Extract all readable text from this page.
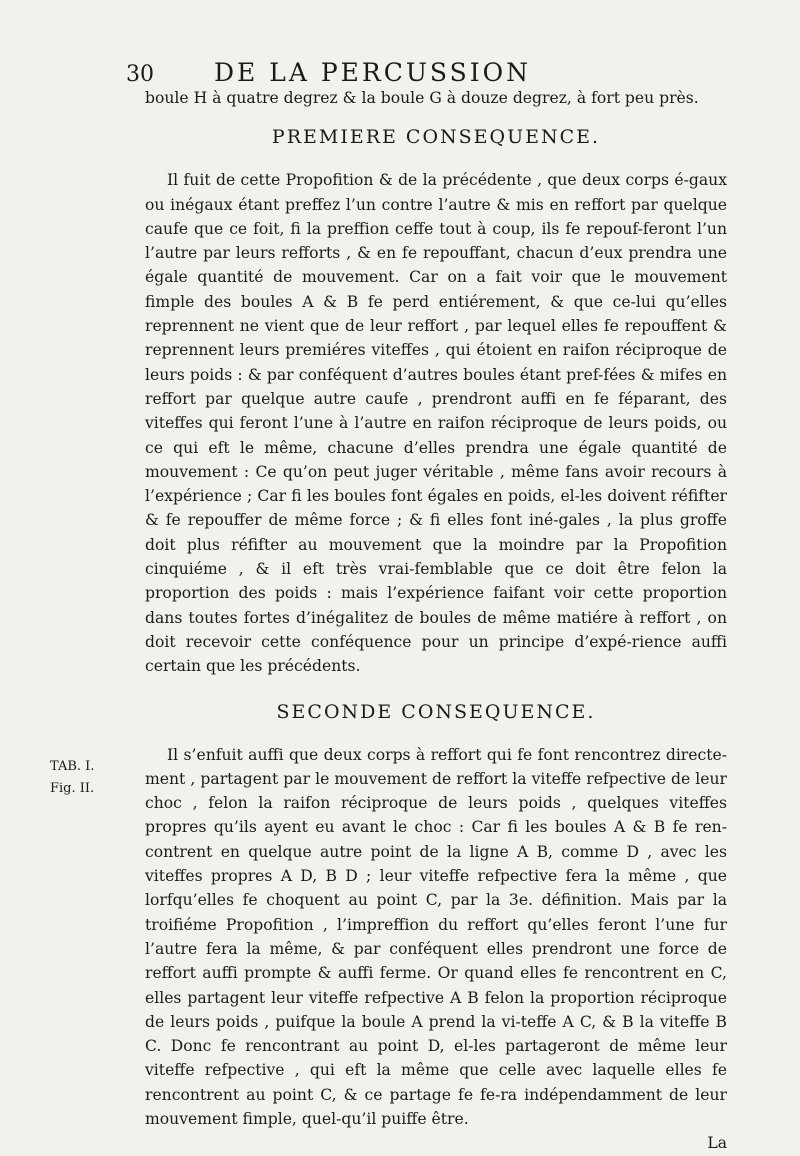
30 DE LA PERCUSSION

boule H à quatre degrez & la boule G à douze degrez, à fort peu près.

PREMIERE CONSEQUENCE.

Il fuit de cette Propofition & de la précédente , que deux corps é-gaux ou inégaux étant preffez l’un contre l’autre & mis en reffort par quelque caufe que ce foit, fi la preffion ceffe tout à coup, ils fe repouf-feront l’un l’autre par leurs refforts , & en fe repouffant, chacun d’eux prendra une égale quantité de mouvement. Car on a fait voir que le mouvement fimple des boules A & B fe perd entiérement, & que ce-lui qu’elles reprennent ne vient que de leur reffort , par lequel elles fe repouffent & reprennent leurs premiéres viteffes , qui étoient en raifon réciproque de leurs poids : & par conféquent d’autres boules étant pref-fées & mifes en reffort par quelque autre caufe , prendront auffi en fe féparant, des viteffes qui feront l’une à l’autre en raifon réciproque de leurs poids, ou ce qui eft le même, chacune d’elles prendra une égale quantité de mouvement : Ce qu’on peut juger véritable , même fans avoir recours à l’expérience ; Car fi les boules font égales en poids, el-les doivent réfifter & fe repouffer de même force ; & fi elles font iné-gales , la plus groffe doit plus réfifter au mouvement que la moindre par la Propofition cinquiéme , & il eft très vrai-femblable que ce doit être felon la proportion des poids : mais l’expérience faifant voir cette proportion dans toutes fortes d’inégalitez de boules de même matiére à reffort , on doit recevoir cette conféquence pour un principe d’expé-rience auffi certain que les précédents.

SECONDE CONSEQUENCE.

Il s’enfuit auffi que deux corps à reffort qui fe font rencontrez directe-ment , partagent par le mouvement de reffort la viteffe refpective de leur choc , felon la raifon réciproque de leurs poids , quelques viteffes propres qu’ils ayent eu avant le choc : Car fi les boules A & B fe ren-contrent en quelque autre point de la ligne A B, comme D , avec les viteffes propres A D, B D ; leur viteffe refpective fera la même , que lorfqu’elles fe choquent au point C, par la 3e. définition. Mais par la troifiéme Propofition , l’impreffion du reffort qu’elles feront l’une fur l’autre fera la même, & par conféquent elles prendront une force de reffort auffi prompte & auffi ferme. Or quand elles fe rencontrent en C, elles partagent leur viteffe refpective A B felon la proportion réciproque de leurs poids , puifque la boule A prend la vi-teffe A C, & B la viteffe B C. Donc fe rencontrant au point D, el-les partageront de même leur viteffe refpective , qui eft la même que celle avec laquelle elles fe rencontrent au point C, & ce partage fe fe-ra indépendamment de leur mouvement fimple, quel-qu’il puiffe être.

La
TAB. I.
Fig. II.
